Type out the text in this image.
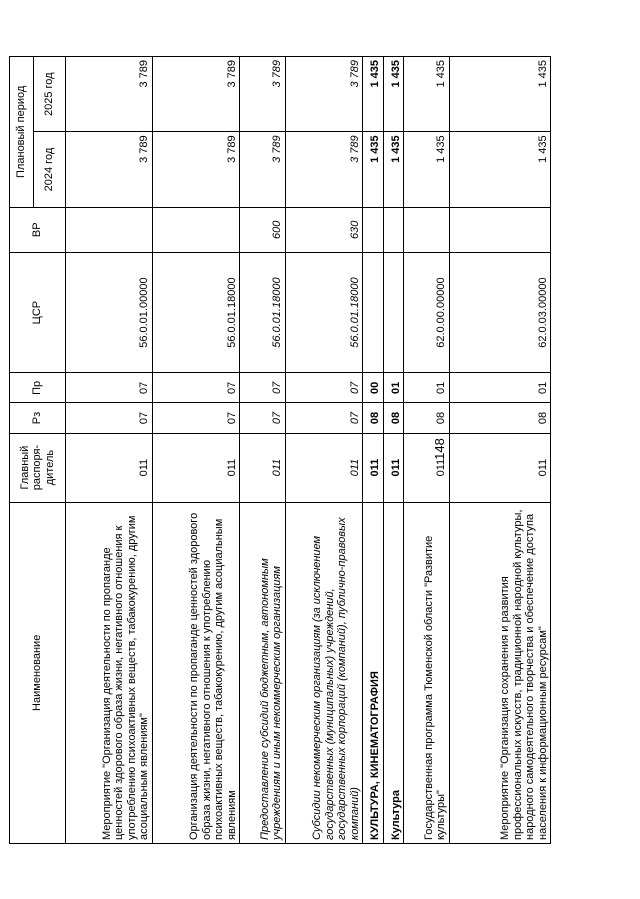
148
Наименование	Главный распоря-дитель	Рз	Пр	ЦСР	ВР	Плановый период	
						2024 год	2025 год
Мероприятие "Организация деятельности по пропаганде ценностей здорового образа жизни, негативного отношения к употреблению психоактивных веществ, табакокурению, другим асоциальным явлениям"	011	07	07	56.0.01.00000		3 789	3 789
Организация деятельности по пропаганде ценностей здорового образа жизни, негативного отношения к употреблению психоактивных веществ, табакокурению, другим асоциальным явлениям	011	07	07	56.0.01.18000		3 789	3 789
Предоставление субсидий бюджетным, автономным учреждениям и иным некоммерческим организациям	011	07	07	56.0.01.18000	600	3 789	3 789
Субсидии некоммерческим организациям (за исключением государственных (муниципальных) учреждений, государственных корпораций (компаний), публично-правовых компаний)	011	07	07	56.0.01.18000	630	3 789	3 789
КУЛЬТУРА, КИНЕМАТОГРАФИЯ	011	08	00			1 435	1 435
Культура	011	08	01			1 435	1 435
Государственная программа Тюменской области "Развитие культуры"	011	08	01	62.0.00.00000		1 435	1 435
Мероприятие "Организация сохранения и развития профессиональных искусств, традиционной народной культуры, народного самодеятельного творчества и обеспечение доступа населения к информационным ресурсам"	011	08	01	62.0.03.00000		1 435	1 435
